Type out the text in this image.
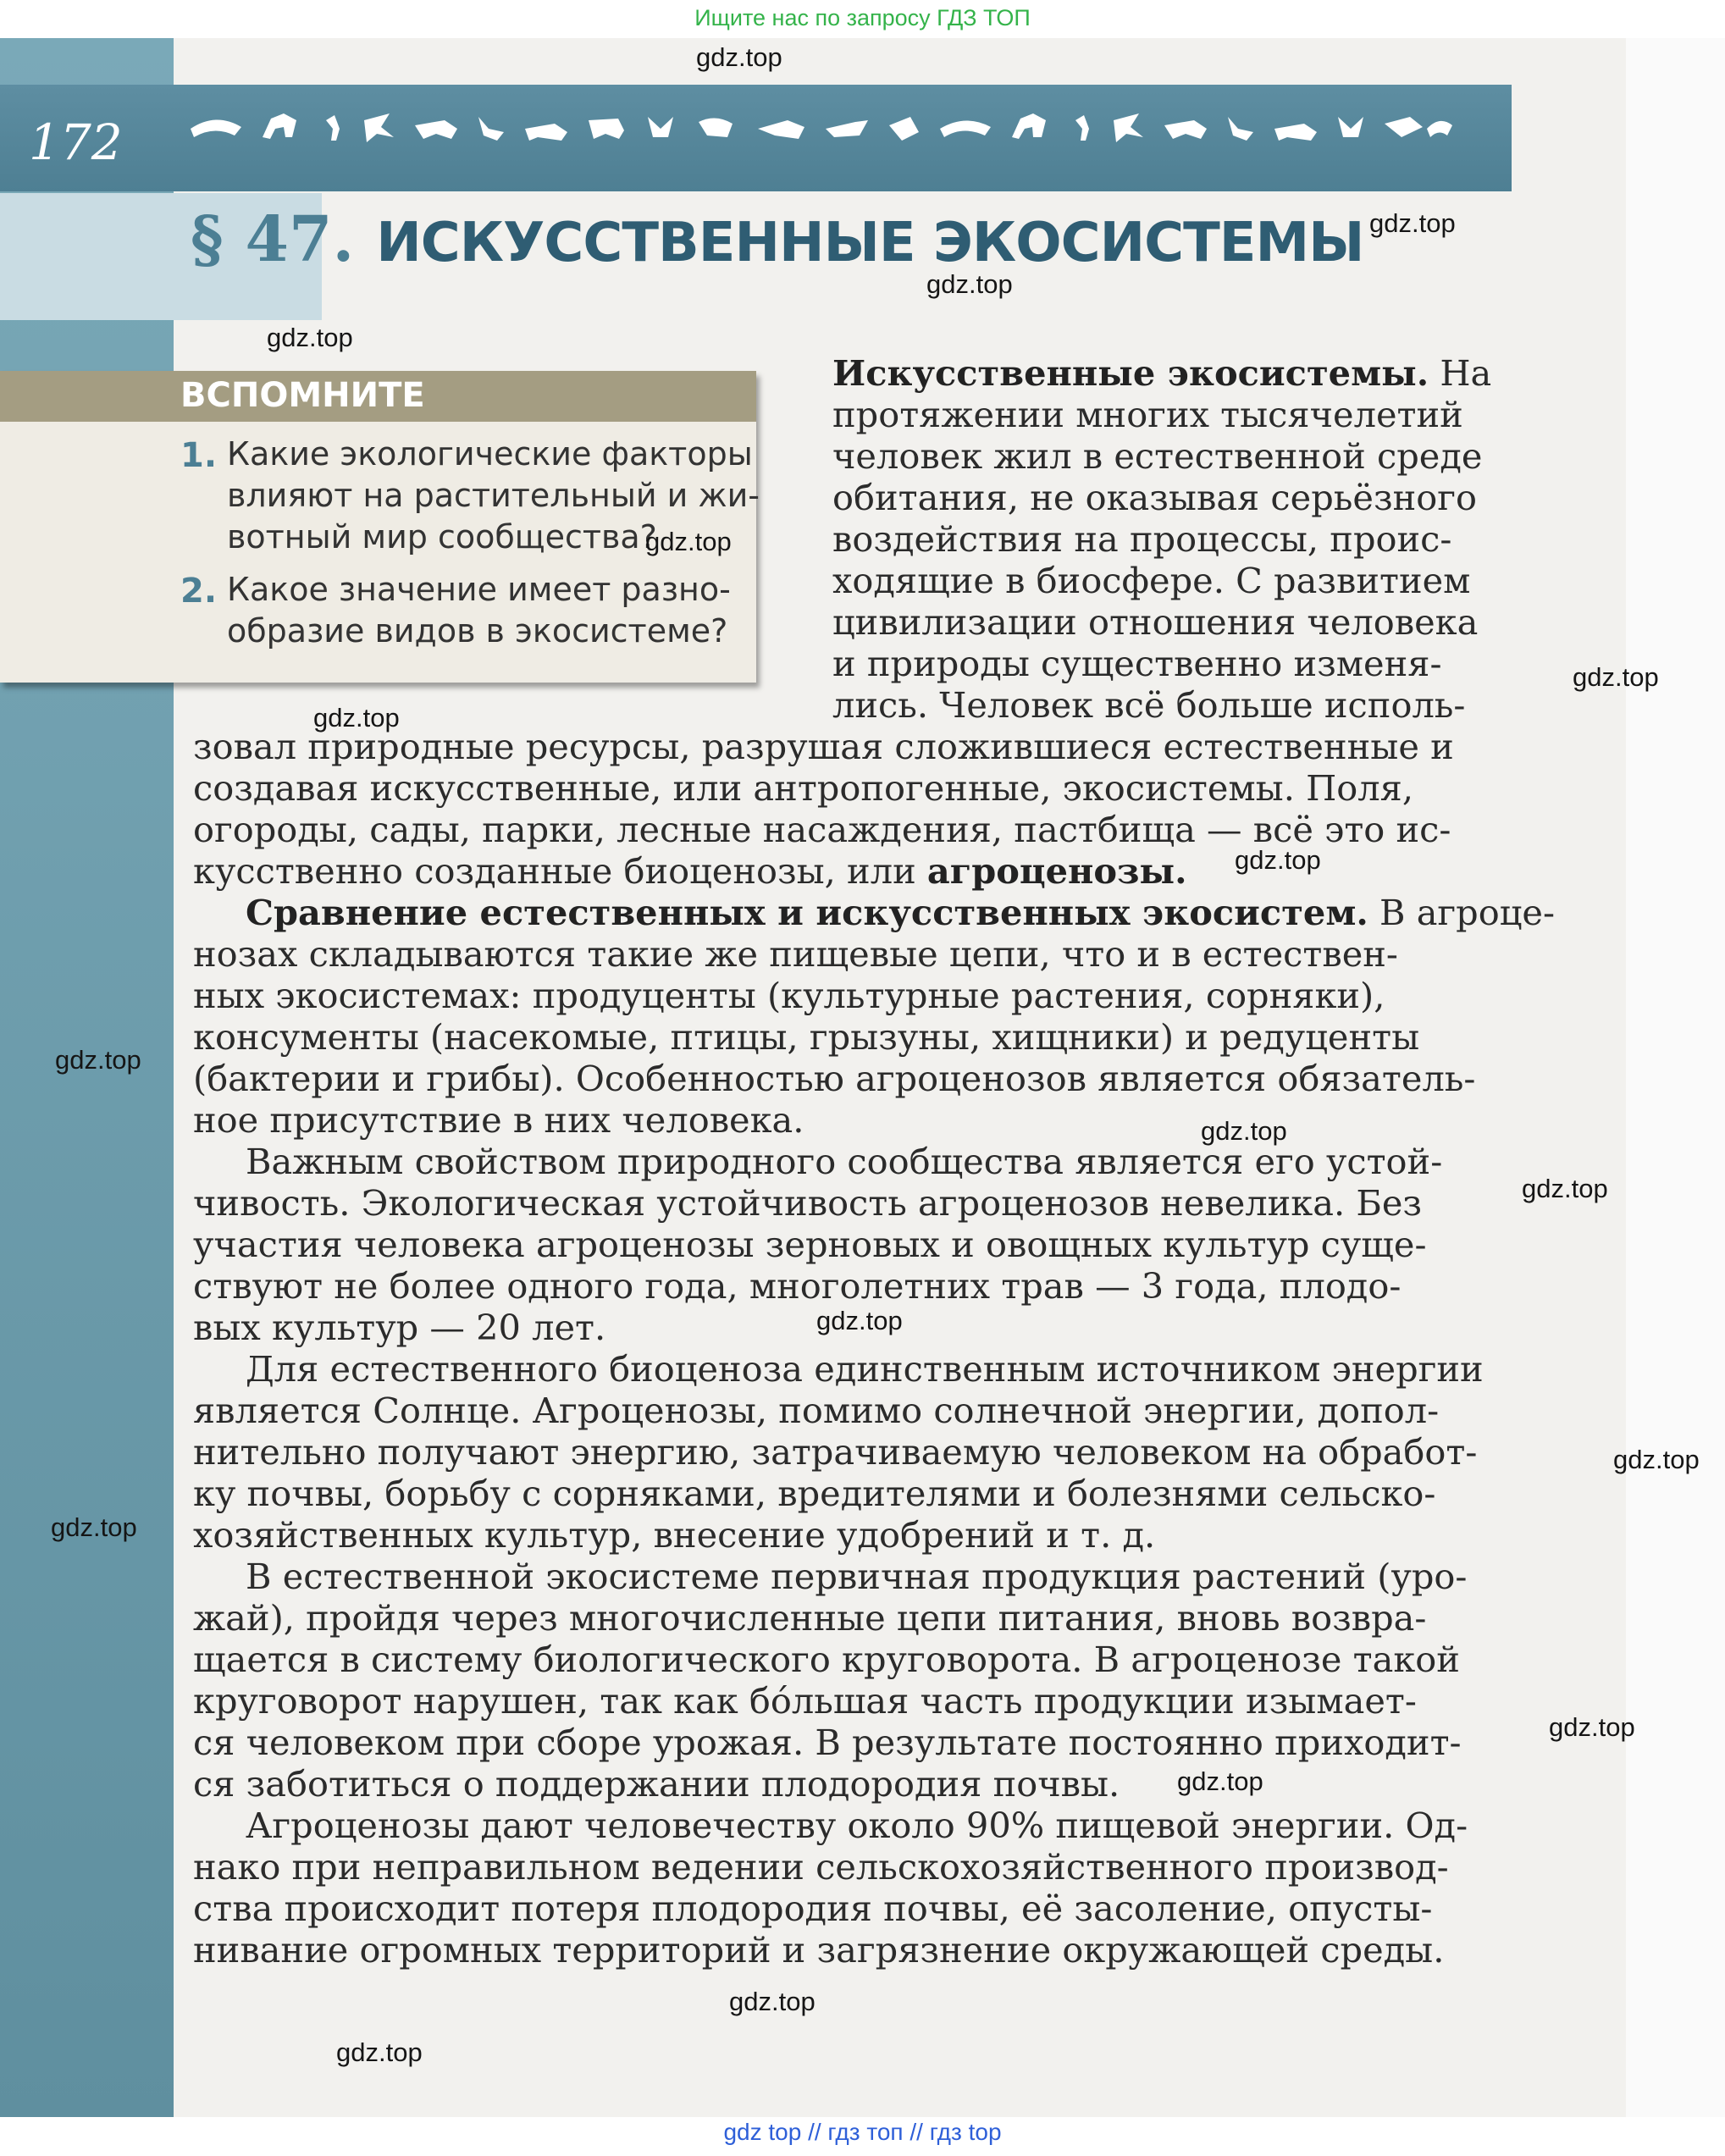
Ищите нас по запросу ГДЗ ТОП
172
§ 47. ИСКУССТВЕННЫЕ ЭКОСИСТЕМЫ
ВСПОМНИТЕ
1. Какие экологические факторы
влияют на растительный и жи-
вотный мир сообщества?
2. Какое значение имеет разно-
образие видов в экосистеме?
Искусственные экосистемы. На
протяжении многих тысячелетий
человек жил в естественной среде
обитания, не оказывая серьёзного
воздействия на процессы, проис-
ходящие в биосфере. С развитием
цивилизации отношения человека
и природы существенно изменя-
лись. Человек всё больше исполь-
зовал природные ресурсы, разрушая сложившиеся естественные и
создавая искусственные, или антропогенные, экосистемы. Поля,
огороды, сады, парки, лесные насаждения, пастбища — всё это ис-
кусственно созданные биоценозы, или агроценозы.
Сравнение естественных и искусственных экосистем. В агроце-
нозах складываются такие же пищевые цепи, что и в естествен-
ных экосистемах: продуценты (культурные растения, сорняки),
консументы (насекомые, птицы, грызуны, хищники) и редуценты
(бактерии и грибы). Особенностью агроценозов является обязатель-
ное присутствие в них человека.
Важным свойством природного сообщества является его устой-
чивость. Экологическая устойчивость агроценозов невелика. Без
участия человека агроценозы зерновых и овощных культур суще-
ствуют не более одного года, многолетних трав — 3 года, плодо-
вых культур — 20 лет.
Для естественного биоценоза единственным источником энергии
является Солнце. Агроценозы, помимо солнечной энергии, допол-
нительно получают энергию, затрачиваемую человеком на обработ-
ку почвы, борьбу с сорняками, вредителями и болезнями сельско-
хозяйственных культур, внесение удобрений и т. д.
В естественной экосистеме первичная продукция растений (уро-
жай), пройдя через многочисленные цепи питания, вновь возвра-
щается в систему биологического круговорота. В агроценозе такой
круговорот нарушен, так как бо́льшая часть продукции изымает-
ся человеком при сборе урожая. В результате постоянно приходит-
ся заботиться о поддержании плодородия почвы.
Агроценозы дают человечеству около 90% пищевой энергии. Од-
нако при неправильном ведении сельскохозяйственного производ-
ства происходит потеря плодородия почвы, её засоление, опусты-
нивание огромных территорий и загрязнение окружающей среды.
gdz.top
gdz.top
gdz.top
gdz.top
gdz.top
gdz.top
gdz.top
gdz.top
gdz.top
gdz.top
gdz.top
gdz.top
gdz.top
gdz.top
gdz.top
gdz.top
gdz.top
gdz.top
gdz top // гдз топ // гдз top
